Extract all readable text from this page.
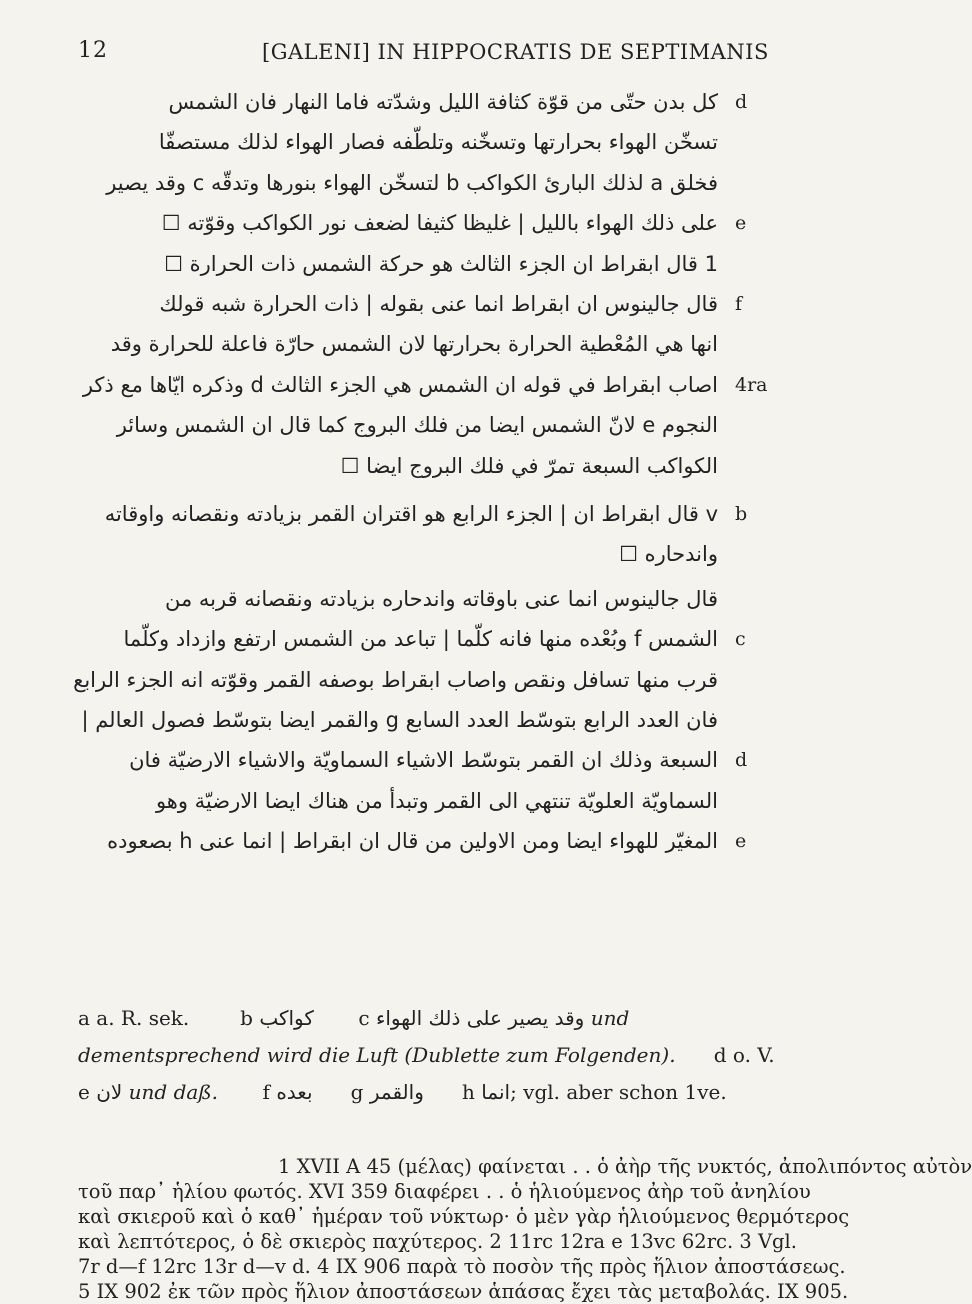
12	[GALENI] IN HIPPOCRATIS DE SEPTIMANIS
كل بدن حتّى من قوّة كثافة الليل وشدّته فاما النهار فان الشمس d
تسخّن الهواء بحرارتها وتسخّنه وتلطّفه فصار الهواء لذلك مستصفّا
فخلق a لذلك البارئ الكواكب b لتسخّن الهواء بنورها وتدقّه c وقد يصير
على ذلك الهواء بالليل | غليظا كثيفا لضعف نور الكواكب وقوّته ☐ e
1 قال ابقراط ان الجزء الثالث هو حركة الشمس ذات الحرارة ☐
قال جالينوس ان ابقراط انما عنى بقوله | ذات الحرارة شبه قولك f
انها هي المُعْطية الحرارة بحرارتها لان الشمس حارّة فاعلة للحرارة وقد
اصاب ابقراط في قوله ان الشمس هي الجزء الثالث d وذكره ايّاها مع ذكر 4ra
النجوم e لانّ الشمس ايضا من فلك البروج كما قال ان الشمس وسائر
الكواكب السبعة تمرّ في فلك البروج ايضا ☐
v قال ابقراط ان | الجزء الرابع هو اقتران القمر بزيادته ونقصانه واوقاته b
واندحاره ☐
قال جالينوس انما عنى باوقاته واندحاره بزيادته ونقصانه قربه من
الشمس f وبُعْده منها فانه كلّما | تباعد من الشمس ارتفع وازداد وكلّما c
قرب منها تسافل ونقص واصاب ابقراط بوصفه القمر وقوّته انه الجزء الرابع
فان العدد الرابع بتوسّط العدد السابع g والقمر ايضا بتوسّط فصول العالم |
السبعة وذلك ان القمر بتوسّط الاشياء السماويّة والاشياء الارضيّة فان d
السماويّة العلويّة تنتهي الى القمر وتبدأ من هناك ايضا الارضيّة وهو
المغيّر للهواء ايضا ومن الاولين من قال ان ابقراط | انما عنى h بصعوده e
a a. R. sek.	b كواكب c وقد يصير على ذلك الهواء und
dementsprechend wird die Luft (Dublette zum Folgenden). d o. V.
e لان und daß. f بعده g والقمر h انما; vgl. aber schon 1ve.
1 XVII A 45 (μέλας) φαίνεται . . ὁ ἀὴρ τῆς νυκτός, ἀπολιπόντος αὐτὸν
τοῦ παρ᾽ ἡλίου φωτός. XVI 359 διαφέρει . . ὁ ἡλιούμενος ἀὴρ τοῦ ἀνηλίου
καὶ σκιεροῦ καὶ ὁ καθ᾽ ἡμέραν τοῦ νύκτωρ· ὁ μὲν γὰρ ἡλιούμενος θερμότερος
καὶ λεπτότερος, ὁ δὲ σκιερὸς παχύτερος. 2 11rc 12ra e 13vc 62rc. 3 Vgl.
7r d—f 12rc 13r d—v d. 4 IX 906 παρὰ τὸ ποσὸν τῆς πρὸς ἥλιον ἀποστάσεως.
5 IX 902 ἐκ τῶν πρὸς ἥλιον ἀποστάσεων ἁπάσας ἔχει τὰς μεταβολάς. IX 905.
